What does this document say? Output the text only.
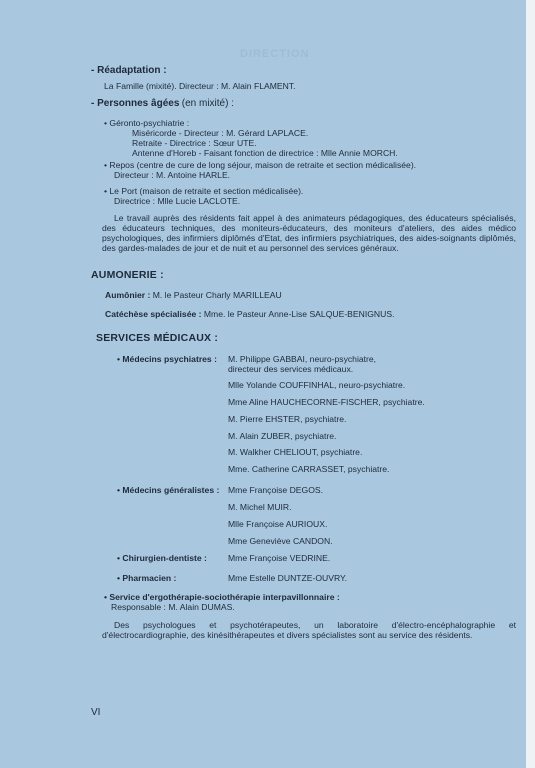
DIRECTION
- Réadaptation :
La Famille (mixité). Directeur : M. Alain FLAMENT.
- Personnes âgées (en mixité) :
• Géronto-psychiatrie :
Miséricorde - Directeur : M. Gérard LAPLACE.
Retraite - Directrice : Sœur UTE.
Antenne d'Horeb - Faisant fonction de directrice : Mlle Annie MORCH.
• Repos (centre de cure de long séjour, maison de retraite et section médicalisée).
Directeur : M. Antoine HARLE.
• Le Port (maison de retraite et section médicalisée).
Directrice : Mlle Lucie LACLOTE.
Le travail auprès des résidents fait appel à des animateurs pédagogiques, des éducateurs spécialisés, des éducateurs techniques, des moniteurs-éducateurs, des moniteurs d'ateliers, des aides médico psychologiques, des infirmiers diplômés d'Etat, des infirmiers psychiatriques, des aides-soignants diplômés, des gardes-malades de jour et de nuit et au personnel des services généraux.
AUMONERIE :
Aumônier : M. le Pasteur Charly MARILLEAU
Catéchèse spécialisée : Mme. le Pasteur Anne-Lise SALQUE-BENIGNUS.
SERVICES MÉDICAUX :
• Médecins psychiatres : M. Philippe GABBAI, neuro-psychiatre,
directeur des services médicaux.
Mlle Yolande COUFFINHAL, neuro-psychiatre.
Mme Aline HAUCHECORNE-FISCHER, psychiatre.
M. Pierre EHSTER, psychiatre.
M. Alain ZUBER, psychiatre.
M. Walkher CHELIOUT, psychiatre.
Mme. Catherine CARRASSET, psychiatre.
• Médecins généralistes : Mme Françoise DEGOS.
M. Michel MUIR.
Mlle Françoise AURIOUX.
Mme Geneviève CANDON.
• Chirurgien-dentiste : Mme Françoise VEDRINE.
• Pharmacien :	Mme Estelle DUNTZE-OUVRY.
• Service d'ergothérapie-sociothérapie interpavillonnaire :
Responsable : M. Alain DUMAS.
Des psychologues et psychotérapeutes, un laboratoire d'électro-encéphalographie et d'électrocardiographie, des kinésithérapeutes et divers spécialistes sont au service des résidents.
VI
